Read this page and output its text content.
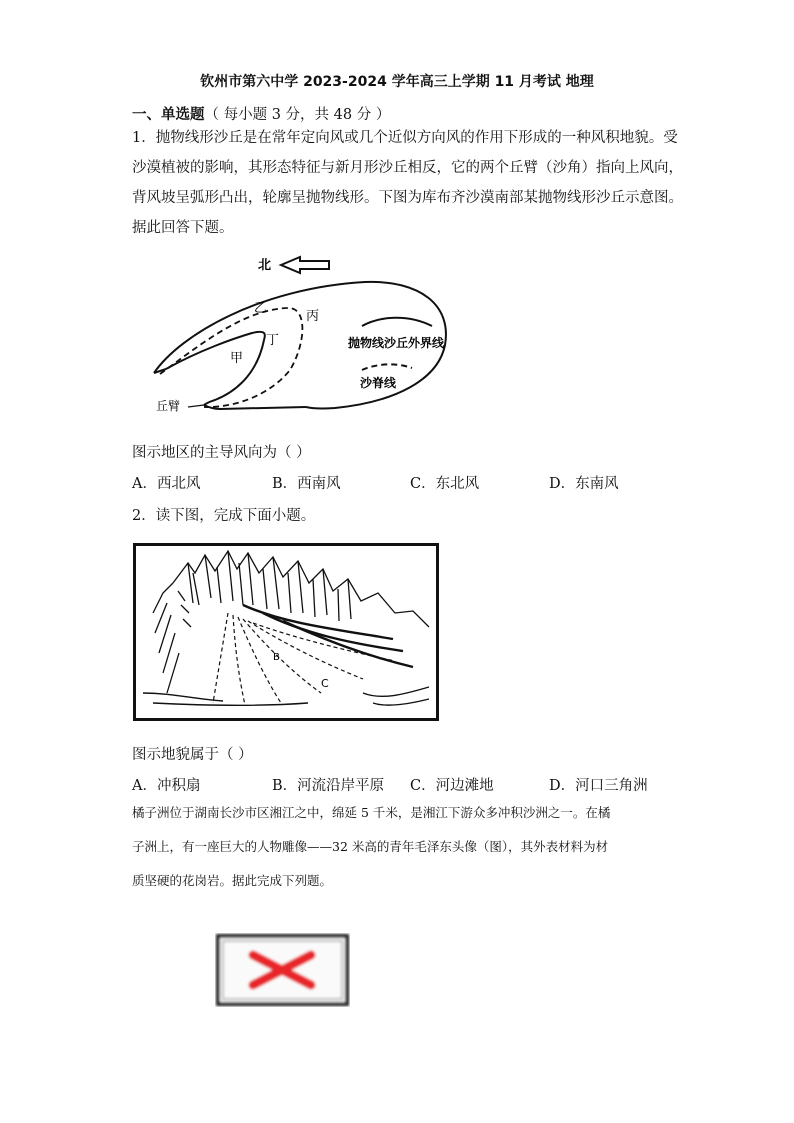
钦州市第六中学 2023-2024 学年高三上学期 11 月考试 地理
一、单选题（ 每小题 3 分，共 48 分 ）
1．抛物线形沙丘是在常年定向风或几个近似方向风的作用下形成的一种风积地貌。受
沙漠植被的影响，其形态特征与新月形沙丘相反，它的两个丘臂（沙角）指向上风向，
背风坡呈弧形凸出，轮廓呈抛物线形。下图为库布齐沙漠南部某抛物线形沙丘示意图。
据此回答下题。
北
乙
丙
丁
甲
丘臂
抛物线沙丘外界线
沙脊线
图示地区的主导风向为（ ）
A．西北风	B．西南风	C．东北风	D．东南风
2．读下图，完成下面小题。
B
C
图示地貌属于（ ）
A．冲积扇	B．河流沿岸平原 C．河边滩地	D．河口三角洲
橘子洲位于湖南长沙市区湘江之中，绵延 5 千米，是湘江下游众多冲积沙洲之一。在橘
子洲上，有一座巨大的人物雕像——32 米高的青年毛泽东头像（图），其外表材料为材
质坚硬的花岗岩。据此完成下列题。
